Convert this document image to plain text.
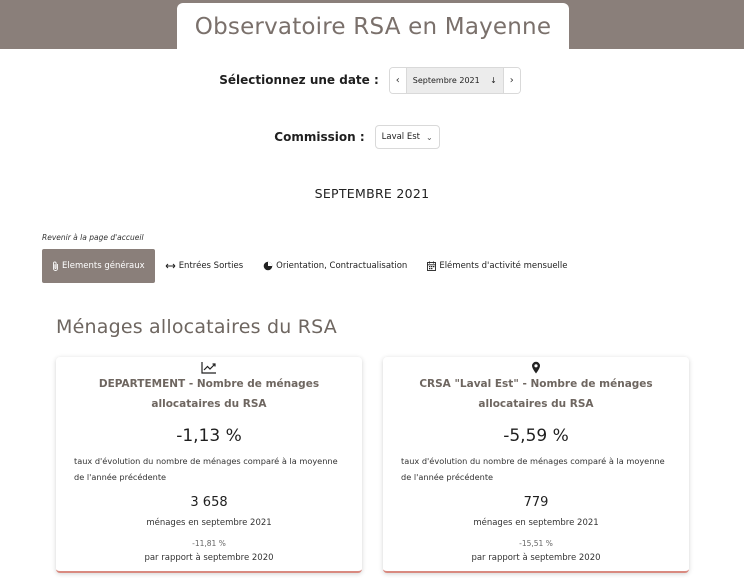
Observatoire RSA en Mayenne
Sélectionnez une date :	‹	Septembre 2021 ↓	›
Commission : Laval Est ⌄
SEPTEMBRE 2021
Revenir à la page d'accueil
Elements généraux	Entrées Sorties	Orientation, Contractualisation	Eléments d'activité mensuelle
Ménages allocataires du RSA
DEPARTEMENT - Nombre de ménages allocataires du RSA
-1,13 %
taux d'évolution du nombre de ménages comparé à la moyenne de l'année précédente
3 658
ménages en septembre 2021
-11,81 %
par rapport à septembre 2020
CRSA "Laval Est" - Nombre de ménages allocataires du RSA
-5,59 %
taux d'évolution du nombre de ménages comparé à la moyenne de l'année précédente
779
ménages en septembre 2021
-15,51 %
par rapport à septembre 2020
